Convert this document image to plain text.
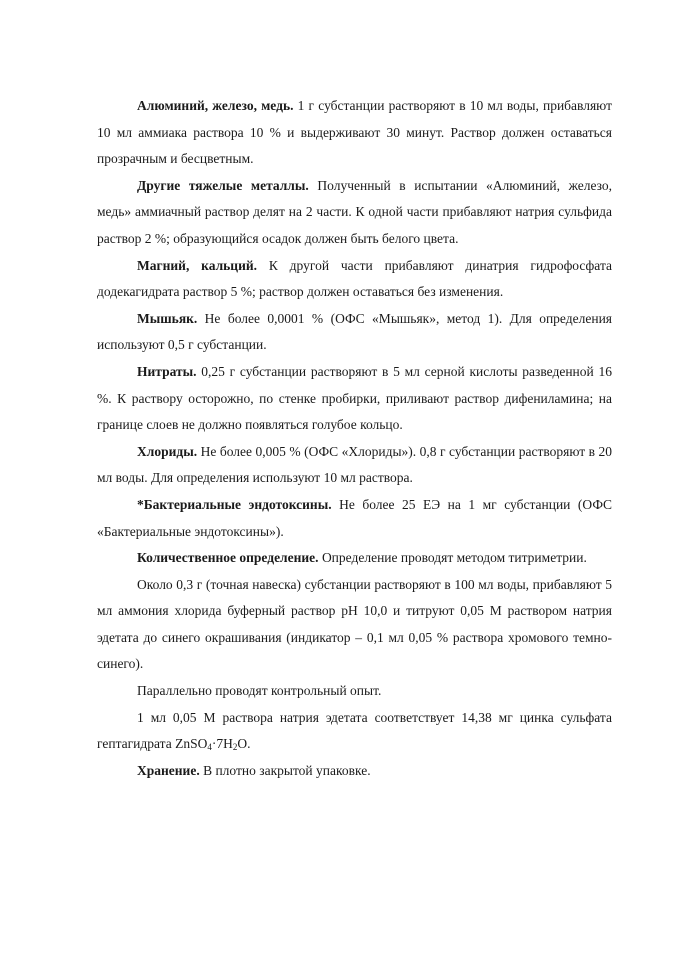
Алюминий, железо, медь. 1 г субстанции растворяют в 10 мл воды, прибавляют 10 мл аммиака раствора 10 % и выдерживают 30 минут. Раствор должен оставаться прозрачным и бесцветным.

Другие тяжелые металлы. Полученный в испытании «Алюминий, железо, медь» аммиачный раствор делят на 2 части. К одной части прибавляют натрия сульфида раствор 2 %; образующийся осадок должен быть белого цвета.

Магний, кальций. К другой части прибавляют динатрия гидрофосфата додекагидрата раствор 5 %; раствор должен оставаться без изменения.

Мышьяк. Не более 0,0001 % (ОФС «Мышьяк», метод 1). Для определения используют 0,5 г субстанции.

Нитраты. 0,25 г субстанции растворяют в 5 мл серной кислоты разведенной 16 %. К раствору осторожно, по стенке пробирки, приливают раствор дифениламина; на границе слоев не должно появляться голубое кольцо.

Хлориды. Не более 0,005 % (ОФС «Хлориды»). 0,8 г субстанции растворяют в 20 мл воды. Для определения используют 10 мл раствора.

*Бактериальные эндотоксины. Не более 25 ЕЭ на 1 мг субстанции (ОФС «Бактериальные эндотоксины»).

Количественное определение. Определение проводят методом титриметрии.

Около 0,3 г (точная навеска) субстанции растворяют в 100 мл воды, прибавляют 5 мл аммония хлорида буферный раствор рН 10,0 и титруют 0,05 М раствором натрия эдетата до синего окрашивания (индикатор – 0,1 мл 0,05 % раствора хромового темно-синего).

Параллельно проводят контрольный опыт.

1 мл 0,05 М раствора натрия эдетата соответствует 14,38 мг цинка сульфата гептагидрата $ZnSO_4\cdot 7H_2O$.

Хранение. В плотно закрытой упаковке.
